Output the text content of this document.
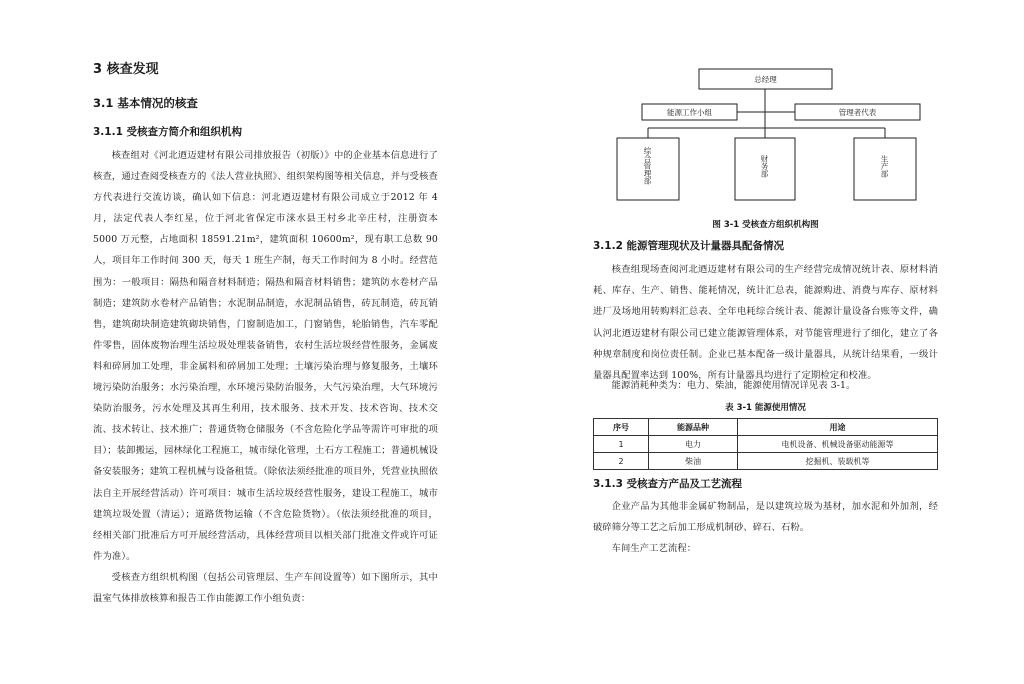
3 核查发现
3.1 基本情况的核查
3.1.1 受核查方简介和组织机构

核查组对《河北迺迈建材有限公司排放报告（初版）》中的企业基本信息进行了核查，通过查阅受核查方的《法人营业执照》、组织架构图等相关信息，并与受核查方代表进行交流访谈，确认如下信息：河北迺迈建材有限公司成立于2012 年 4 月，法定代表人李红星，位于河北省保定市涞水县王村乡北辛庄村，注册资本 5000 万元整，占地面积 18591.21m²，建筑面积 10600m²，现有职工总数 90 人，项目年工作时间 300 天，每天 1 班生产制，每天工作时间为 8 小时。经营范围为：一般项目：隔热和隔音材料制造；隔热和隔音材料销售；建筑防水卷材产品制造；建筑防水卷材产品销售；水泥制品制造，水泥制品销售，砖瓦制造，砖瓦销售，建筑砌块制造建筑砌块销售，门窗制造加工，门窗销售，轮胎销售，汽车零配件零售，固体废物治理生活垃圾处理装备销售，农村生活垃圾经营性服务，金属废料和碎屑加工处理，非金属料和碎屑加工处理；土壤污染治理与修复服务，土壤环境污染防治服务；水污染治理，水环境污染防治服务，大气污染治理，大气环境污染防治服务，污水处理及其再生利用，技术服务、技术开发、技术咨询、技术交流、技术转让、技术推广；普通货物仓储服务（不含危险化学品等需许可审批的项目）；装卸搬运，园林绿化工程施工，城市绿化管理，土石方工程施工；普通机械设备安装服务；建筑工程机械与设备租赁。（除依法须经批准的项目外，凭营业执照依法自主开展经营活动）许可项目：城市生活垃圾经营性服务，建设工程施工，城市建筑垃圾处置（清运）；道路货物运输（不含危险货物）。（依法须经批准的项目，经相关部门批准后方可开展经营活动，具体经营项目以相关部门批准文件或许可证件为准）。

受核查方组织机构图（包括公司管理层、生产车间设置等）如下图所示，其中温室气体排放核算和报告工作由能源工作小组负责：

总经理
能源工作小组	管理者代表
综合管理部	财务部	生产部
图 3-1 受核查方组织机构图
3.1.2 能源管理现状及计量器具配备情况

核查组现场查阅河北迺迈建材有限公司的生产经营完成情况统计表、原材料消耗、库存、生产、销售、能耗情况，统计汇总表，能源购进、消费与库存、原材料进厂及场地用转购料汇总表、全年电耗综合统计表、能源计量设备台账等文件，确认河北迺迈建材有限公司已建立能源管理体系，对节能管理进行了细化，建立了各种规章制度和岗位责任制。企业已基本配备一级计量器具，从统计结果看，一级计量器具配置率达到 100%，所有计量器具均进行了定期检定和校准。

能源消耗种类为：电力、柴油，能源使用情况详见表 3-1。

表 3-1 能源使用情况
序号	能源品种	用途
1	电力	电机设备、机械设备驱动能源等
2	柴油	挖掘机、装载机等
3.1.3 受核查方产品及工艺流程

企业产品为其他非金属矿物制品，是以建筑垃圾为基材，加水泥和外加剂，经破碎筛分等工艺之后加工形成机制砂、碎石、石粉。

车间生产工艺流程：
